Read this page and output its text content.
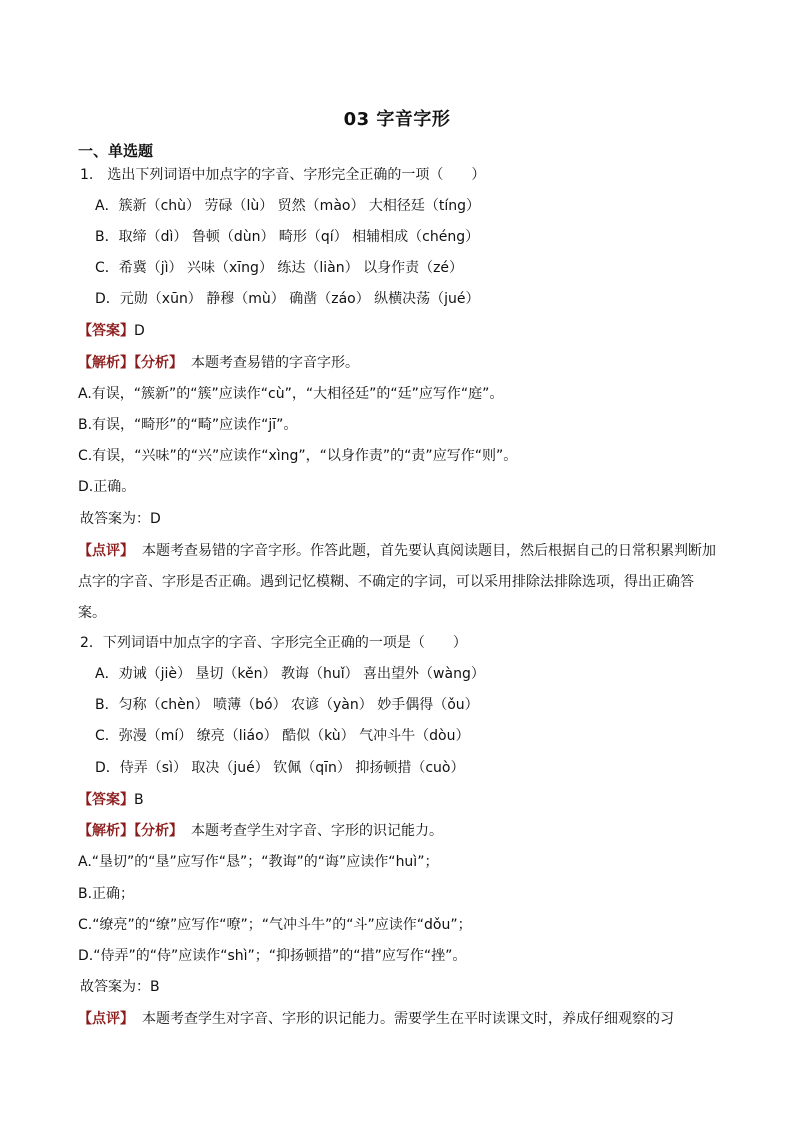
03 字音字形
一、单选题
1.　选出下列词语中加点字的字音、字形完全正确的一项（　　）
A．簇新（chù） 劳碌（lù） 贸然（mào） 大相径廷（tíng）
B．取缔（dì） 鲁顿（dùn） 畸形（qí） 相辅相成（chéng）
C．希冀（jì） 兴味（xīng） 练达（liàn） 以身作责（zé）
D．元勋（xūn） 静穆（mù） 确凿（záo） 纵横决荡（jué）
【答案】D
【解析】【分析】 本题考查易错的字音字形。
A.有误，“簇新”的“簇”应读作“cù”，“大相径廷”的“廷”应写作“庭”。
B.有误，“畸形”的“畸”应读作“jī”。
C.有误，“兴味”的“兴”应读作“xìng”，“以身作责”的“责”应写作“则”。
D.正确。
故答案为：D
【点评】 本题考查易错的字音字形。作答此题，首先要认真阅读题目，然后根据自己的日常积累判断加点字的字音、字形是否正确。遇到记忆模糊、不确定的字词，可以采用排除法排除选项，得出正确答案。
2．下列词语中加点字的字音、字形完全正确的一项是（　　）
A．劝诫（jiè） 垦切（kěn） 教诲（huǐ） 喜出望外（wàng）
B．匀称（chèn） 喷薄（bó） 农谚（yàn） 妙手偶得（ǒu）
C．弥漫（mí） 缭亮（liáo） 酷似（kù） 气冲斗牛（dòu）
D．侍弄（sì） 取决（jué） 钦佩（qīn） 抑扬顿措（cuò）
【答案】B
【解析】【分析】 本题考查学生对字音、字形的识记能力。
A.“垦切”的“垦”应写作“恳”；“教诲”的“诲”应读作“huì”；
B.正确；
C.“缭亮”的“缭”应写作“嘹”；“气冲斗牛”的“斗”应读作“dǒu”；
D.“侍弄”的“侍”应读作“shì”；“抑扬顿措”的“措”应写作“挫”。
故答案为：B
【点评】 本题考查学生对字音、字形的识记能力。需要学生在平时读课文时，养成仔细观察的习
